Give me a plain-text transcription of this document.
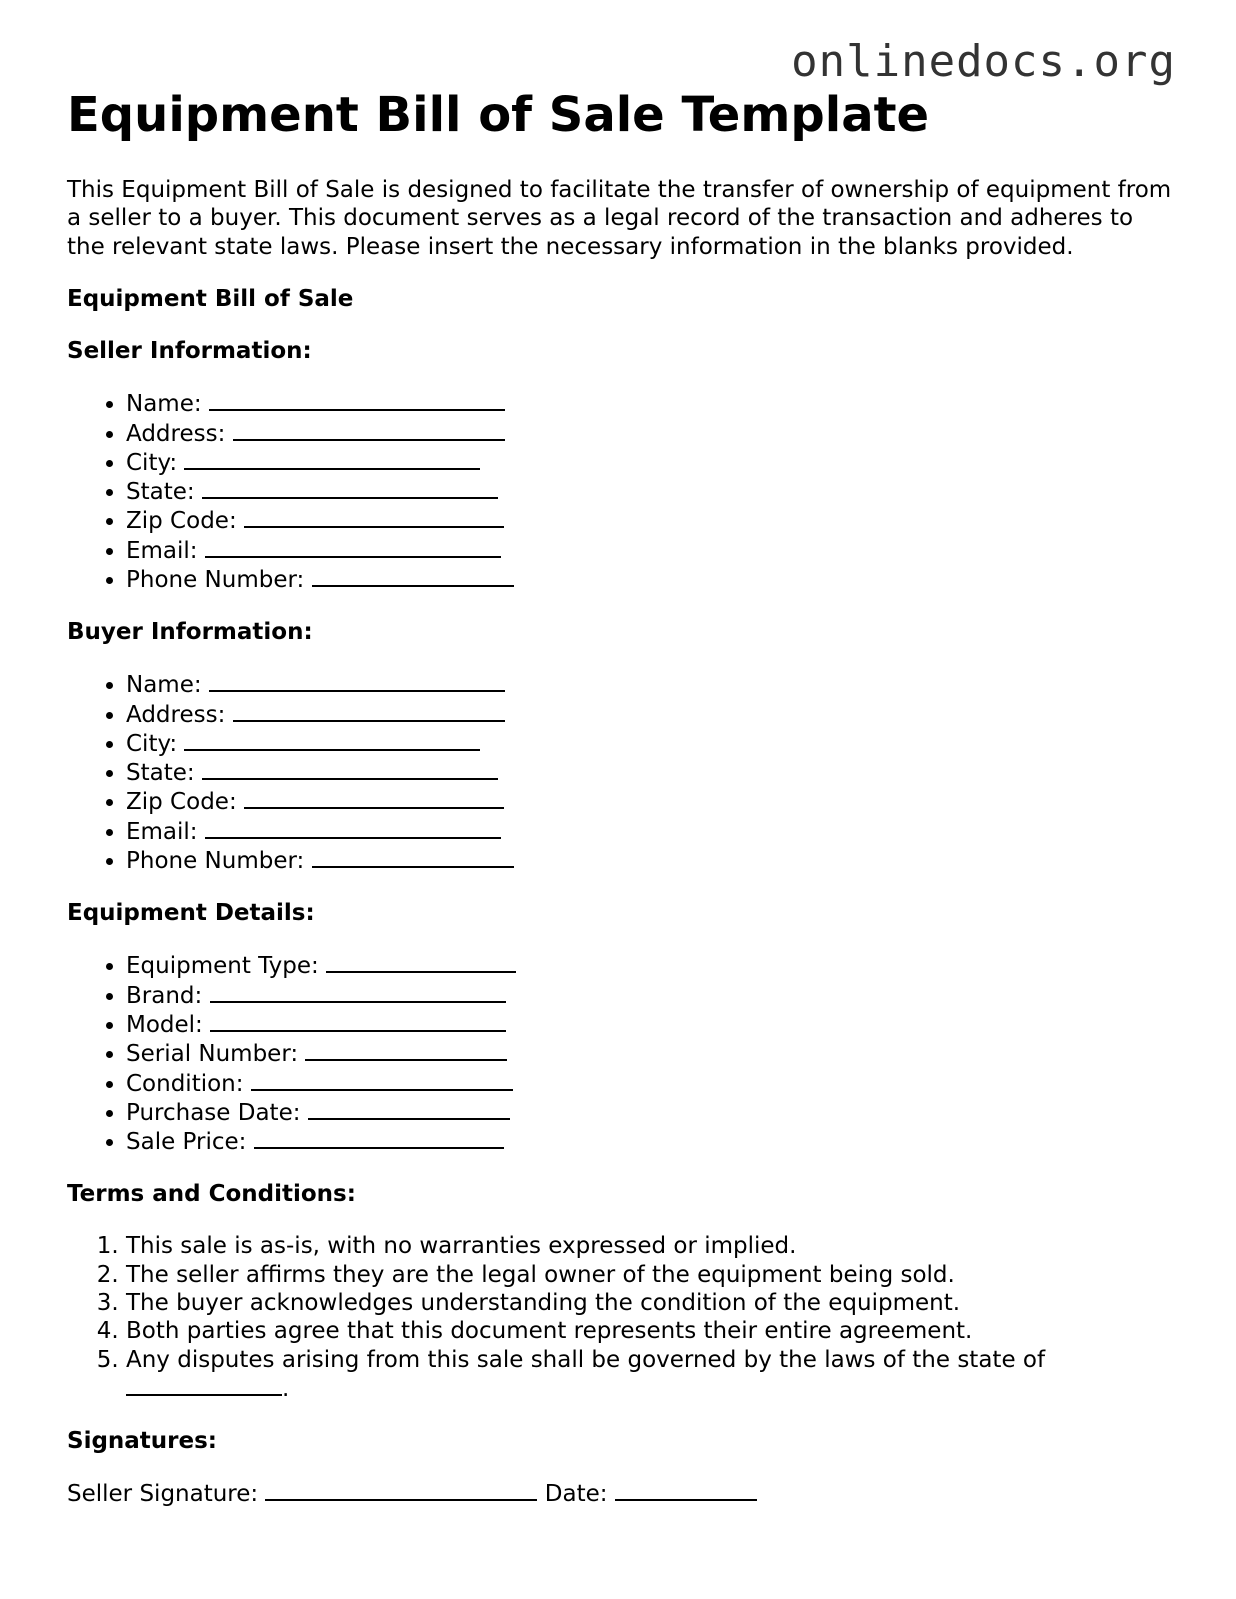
onlinedocs.org
Equipment Bill of Sale Template

This Equipment Bill of Sale is designed to facilitate the transfer of ownership of equipment from a seller to a buyer. This document serves as a legal record of the transaction and adheres to the relevant state laws. Please insert the necessary information in the blanks provided.

Equipment Bill of Sale
Seller Information:
• Name:
• Address:
• City:
• State:
• Zip Code:
• Email:
• Phone Number:
Buyer Information:
• Name:
• Address:
• City:
• State:
• Zip Code:
• Email:
• Phone Number:
Equipment Details:
• Equipment Type:
• Brand:
• Model:
• Serial Number:
• Condition:
• Purchase Date:
• Sale Price:
Terms and Conditions:
1. This sale is as-is, with no warranties expressed or implied.
2. The seller affirms they are the legal owner of the equipment being sold.
3. The buyer acknowledges understanding the condition of the equipment.
4. Both parties agree that this document represents their entire agreement.
5. Any disputes arising from this sale shall be governed by the laws of the state of .
Signatures:

Seller Signature:	Date:
